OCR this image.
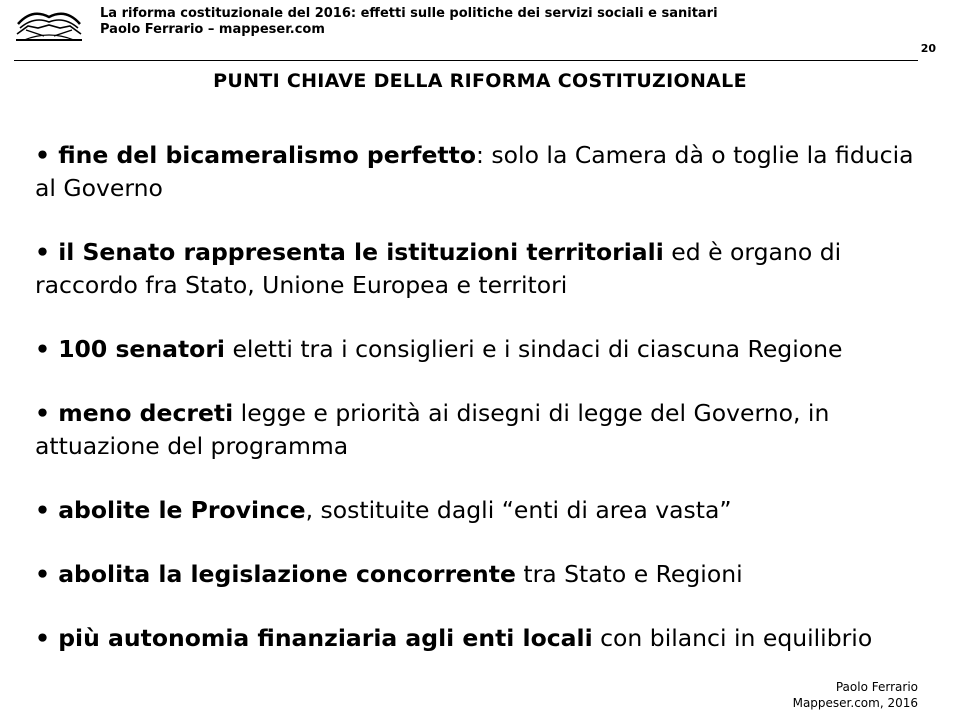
La riforma costituzionale del 2016: effetti sulle politiche dei servizi sociali e sanitari
Paolo Ferrario – mappeser.com
20
PUNTI CHIAVE DELLA RIFORMA COSTITUZIONALE
• fine del bicameralismo perfetto: solo la Camera dà o toglie la fiducia al Governo
• il Senato rappresenta le istituzioni territoriali ed è organo di raccordo fra Stato, Unione Europea e territori
• 100 senatori eletti tra i consiglieri e i sindaci di ciascuna Regione
• meno decreti legge e priorità ai disegni di legge del Governo, in attuazione del programma
• abolite le Province, sostituite dagli “enti di area vasta”
• abolita la legislazione concorrente tra Stato e Regioni
• più autonomia finanziaria agli enti locali con bilanci in equilibrio
Paolo Ferrario
Mappeser.com, 2016
